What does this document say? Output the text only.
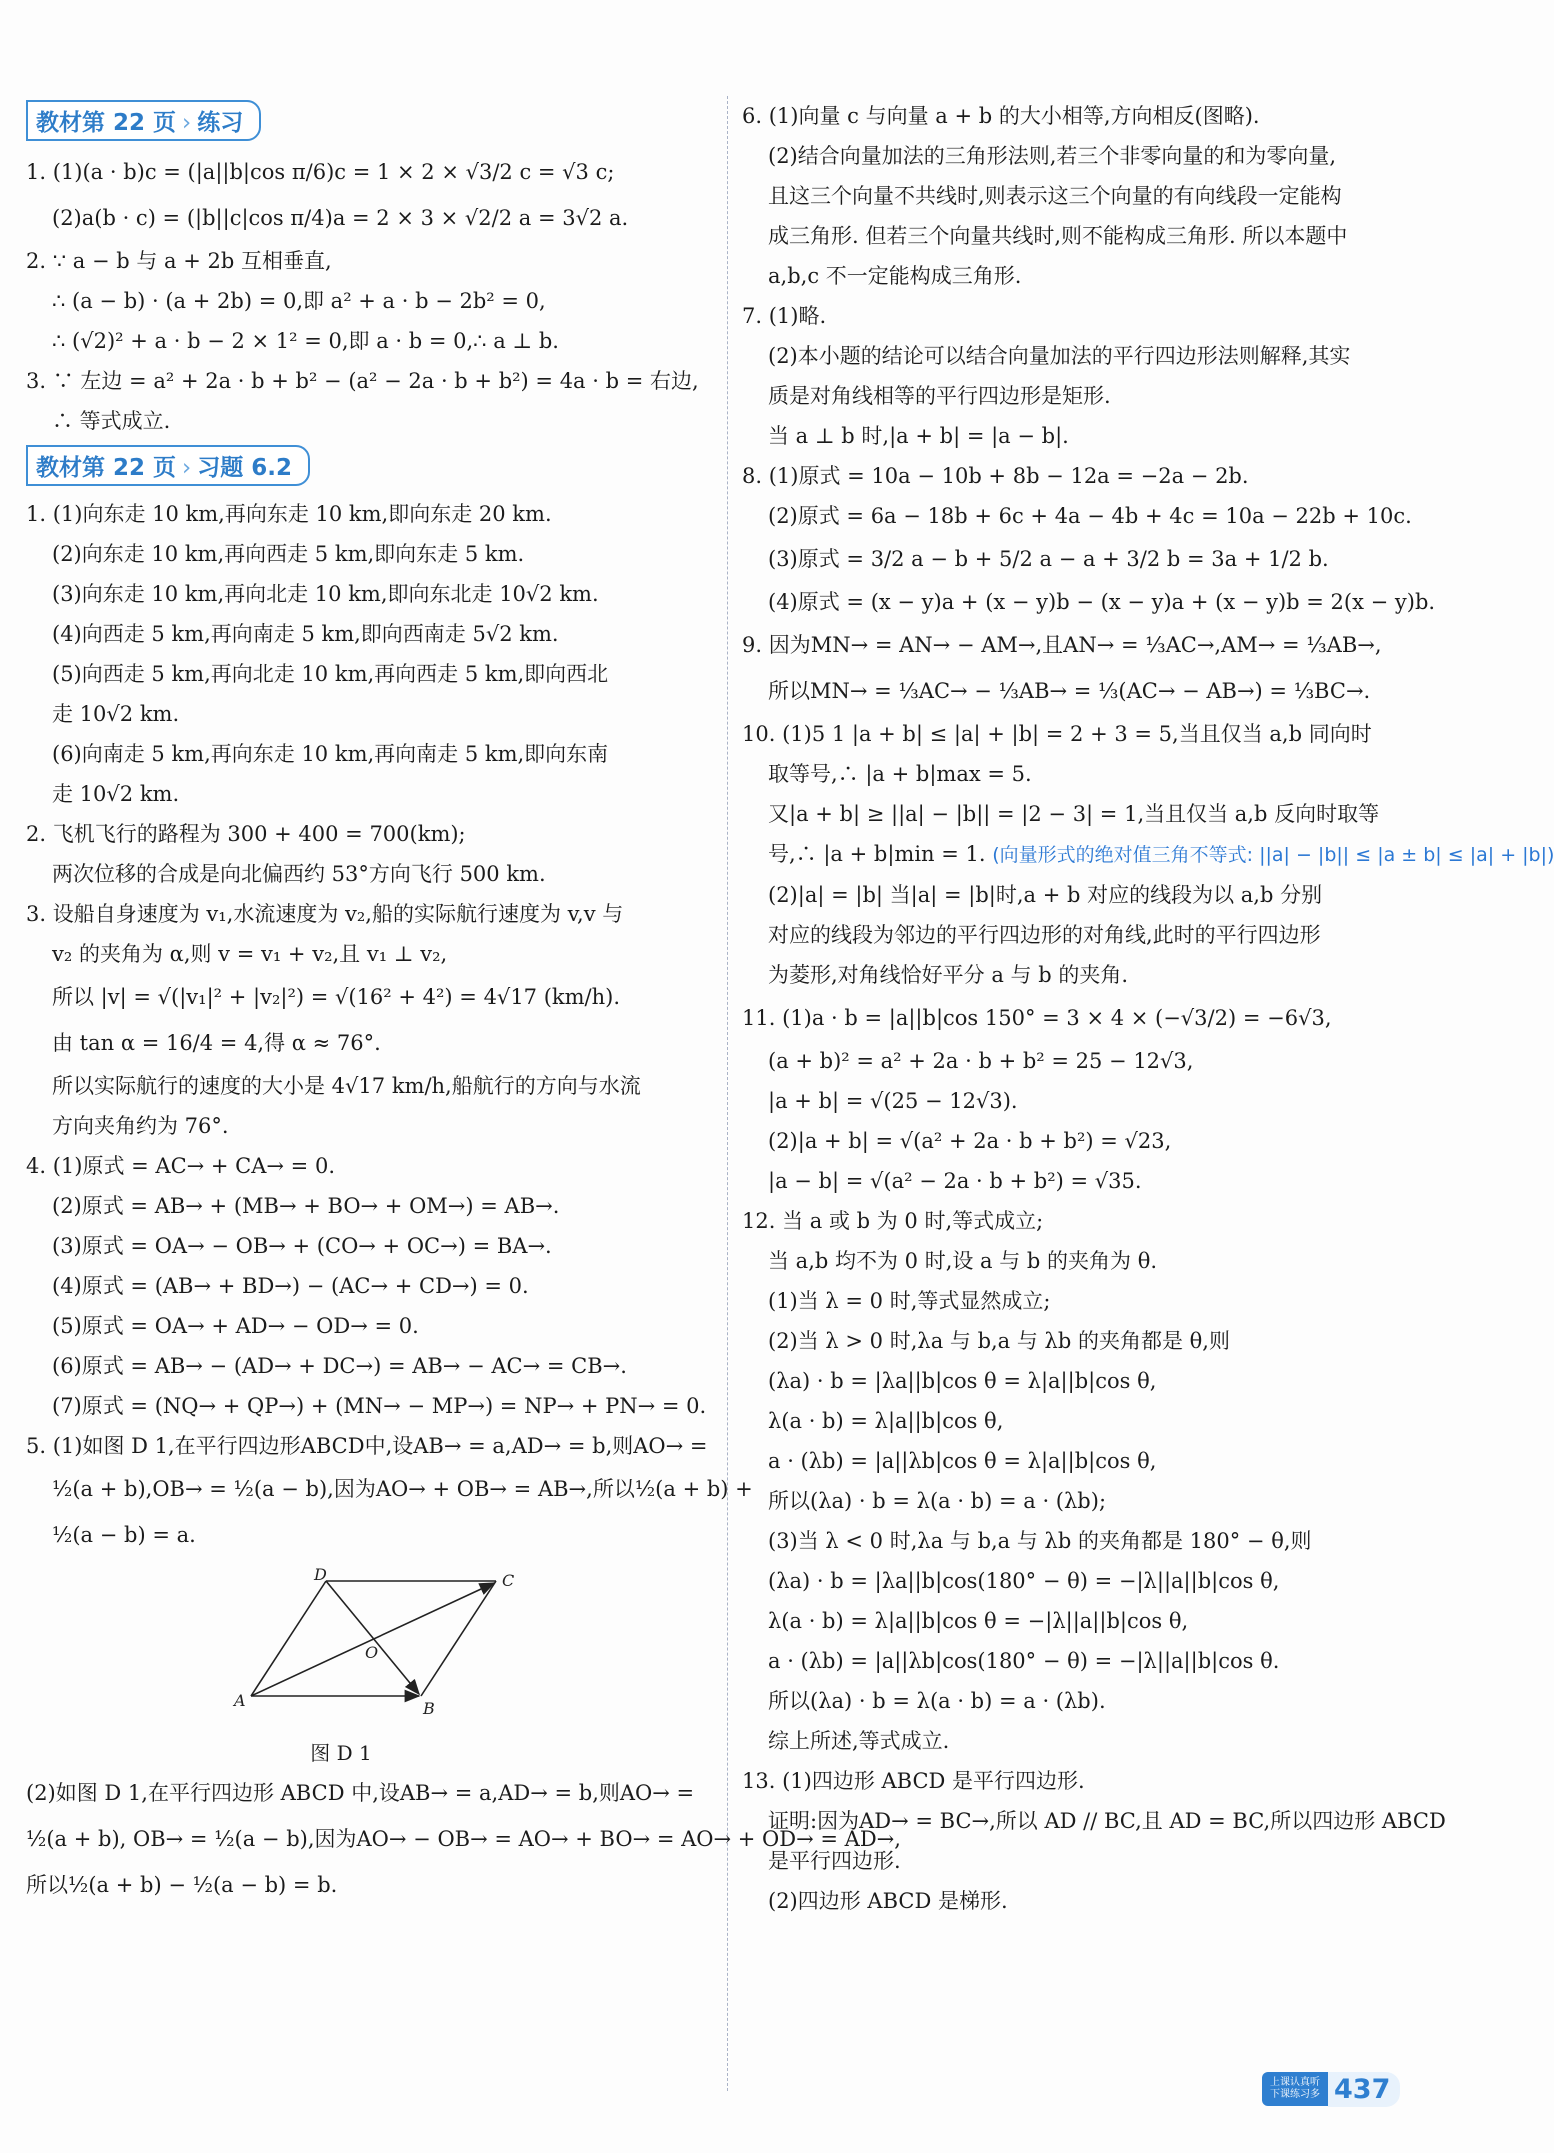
教材第 22 页 › 练习
1. (1)(a · b)c = (|a||b|cos π/6)c = 1 × 2 × √3/2 c = √3 c;
(2)a(b · c) = (|b||c|cos π/4)a = 2 × 3 × √2/2 a = 3√2 a.
2. ∵ a − b 与 a + 2b 互相垂直,
∴ (a − b) · (a + 2b) = 0,即 a² + a · b − 2b² = 0,
∴ (√2)² + a · b − 2 × 1² = 0,即 a · b = 0,∴ a ⊥ b.
3. ∵ 左边 = a² + 2a · b + b² − (a² − 2a · b + b²) = 4a · b = 右边,
∴ 等式成立.
教材第 22 页 › 习题 6.2
1. (1)向东走 10 km,再向东走 10 km,即向东走 20 km.
(2)向东走 10 km,再向西走 5 km,即向东走 5 km.
(3)向东走 10 km,再向北走 10 km,即向东北走 10√2 km.
(4)向西走 5 km,再向南走 5 km,即向西南走 5√2 km.
(5)向西走 5 km,再向北走 10 km,再向西走 5 km,即向西北
走 10√2 km.
(6)向南走 5 km,再向东走 10 km,再向南走 5 km,即向东南
走 10√2 km.
2. 飞机飞行的路程为 300 + 400 = 700(km);
两次位移的合成是向北偏西约 53°方向飞行 500 km.
3. 设船自身速度为 v₁,水流速度为 v₂,船的实际航行速度为 v,v 与
v₂ 的夹角为 α,则 v = v₁ + v₂,且 v₁ ⊥ v₂,
所以 |v| = √(|v₁|² + |v₂|²) = √(16² + 4²) = 4√17 (km/h).
由 tan α = 16/4 = 4,得 α ≈ 76°.
所以实际航行的速度的大小是 4√17 km/h,船航行的方向与水流
方向夹角约为 76°.
4. (1)原式 = AC→ + CA→ = 0.
(2)原式 = AB→ + (MB→ + BO→ + OM→) = AB→.
(3)原式 = OA→ − OB→ + (CO→ + OC→) = BA→.
(4)原式 = (AB→ + BD→) − (AC→ + CD→) = 0.
(5)原式 = OA→ + AD→ − OD→ = 0.
(6)原式 = AB→ − (AD→ + DC→) = AB→ − AC→ = CB→.
(7)原式 = (NQ→ + QP→) + (MN→ − MP→) = NP→ + PN→ = 0.
5. (1)如图 D 1,在平行四边形ABCD中,设AB→ = a,AD→ = b,则AO→ =
½(a + b),OB→ = ½(a − b),因为AO→ + OB→ = AB→,所以½(a + b) +
½(a − b) = a.
A	B
C
D
O
图 D 1
(2)如图 D 1,在平行四边形 ABCD 中,设AB→ = a,AD→ = b,则AO→ =
½(a + b), OB→ = ½(a − b),因为AO→ − OB→ = AO→ + BO→ = AO→ + OD→ = AD→,
所以½(a + b) − ½(a − b) = b.
6. (1)向量 c 与向量 a + b 的大小相等,方向相反(图略).
(2)结合向量加法的三角形法则,若三个非零向量的和为零向量,
且这三个向量不共线时,则表示这三个向量的有向线段一定能构
成三角形. 但若三个向量共线时,则不能构成三角形. 所以本题中
a,b,c 不一定能构成三角形.
7. (1)略.
(2)本小题的结论可以结合向量加法的平行四边形法则解释,其实
质是对角线相等的平行四边形是矩形.
当 a ⊥ b 时,|a + b| = |a − b|.
8. (1)原式 = 10a − 10b + 8b − 12a = −2a − 2b.
(2)原式 = 6a − 18b + 6c + 4a − 4b + 4c = 10a − 22b + 10c.
(3)原式 = 3/2 a − b + 5/2 a − a + 3/2 b = 3a + 1/2 b.
(4)原式 = (x − y)a + (x − y)b − (x − y)a + (x − y)b = 2(x − y)b.
9. 因为MN→ = AN→ − AM→,且AN→ = ⅓AC→,AM→ = ⅓AB→,
所以MN→ = ⅓AC→ − ⅓AB→ = ⅓(AC→ − AB→) = ⅓BC→.
10. (1)5 1 |a + b| ≤ |a| + |b| = 2 + 3 = 5,当且仅当 a,b 同向时
取等号,∴ |a + b|max = 5.
又|a + b| ≥ ||a| − |b|| = |2 − 3| = 1,当且仅当 a,b 反向时取等
号,∴ |a + b|min = 1. (向量形式的绝对值三角不等式: ||a| − |b|| ≤ |a ± b| ≤ |a| + |b|)
(2)|a| = |b| 当|a| = |b|时,a + b 对应的线段为以 a,b 分别
对应的线段为邻边的平行四边形的对角线,此时的平行四边形
为菱形,对角线恰好平分 a 与 b 的夹角.
11. (1)a · b = |a||b|cos 150° = 3 × 4 × (−√3/2) = −6√3,
(a + b)² = a² + 2a · b + b² = 25 − 12√3,
|a + b| = √(25 − 12√3).
(2)|a + b| = √(a² + 2a · b + b²) = √23,
|a − b| = √(a² − 2a · b + b²) = √35.
12. 当 a 或 b 为 0 时,等式成立;
当 a,b 均不为 0 时,设 a 与 b 的夹角为 θ.
(1)当 λ = 0 时,等式显然成立;
(2)当 λ > 0 时,λa 与 b,a 与 λb 的夹角都是 θ,则
(λa) · b = |λa||b|cos θ = λ|a||b|cos θ,
λ(a · b) = λ|a||b|cos θ,
a · (λb) = |a||λb|cos θ = λ|a||b|cos θ,
所以(λa) · b = λ(a · b) = a · (λb);
(3)当 λ < 0 时,λa 与 b,a 与 λb 的夹角都是 180° − θ,则
(λa) · b = |λa||b|cos(180° − θ) = −|λ||a||b|cos θ,
λ(a · b) = λ|a||b|cos θ = −|λ||a||b|cos θ,
a · (λb) = |a||λb|cos(180° − θ) = −|λ||a||b|cos θ.
所以(λa) · b = λ(a · b) = a · (λb).
综上所述,等式成立.
13. (1)四边形 ABCD 是平行四边形.
证明:因为AD→ = BC→,所以 AD // BC,且 AD = BC,所以四边形 ABCD
是平行四边形.
(2)四边形 ABCD 是梯形.
上课认真听 下课练习多 437
